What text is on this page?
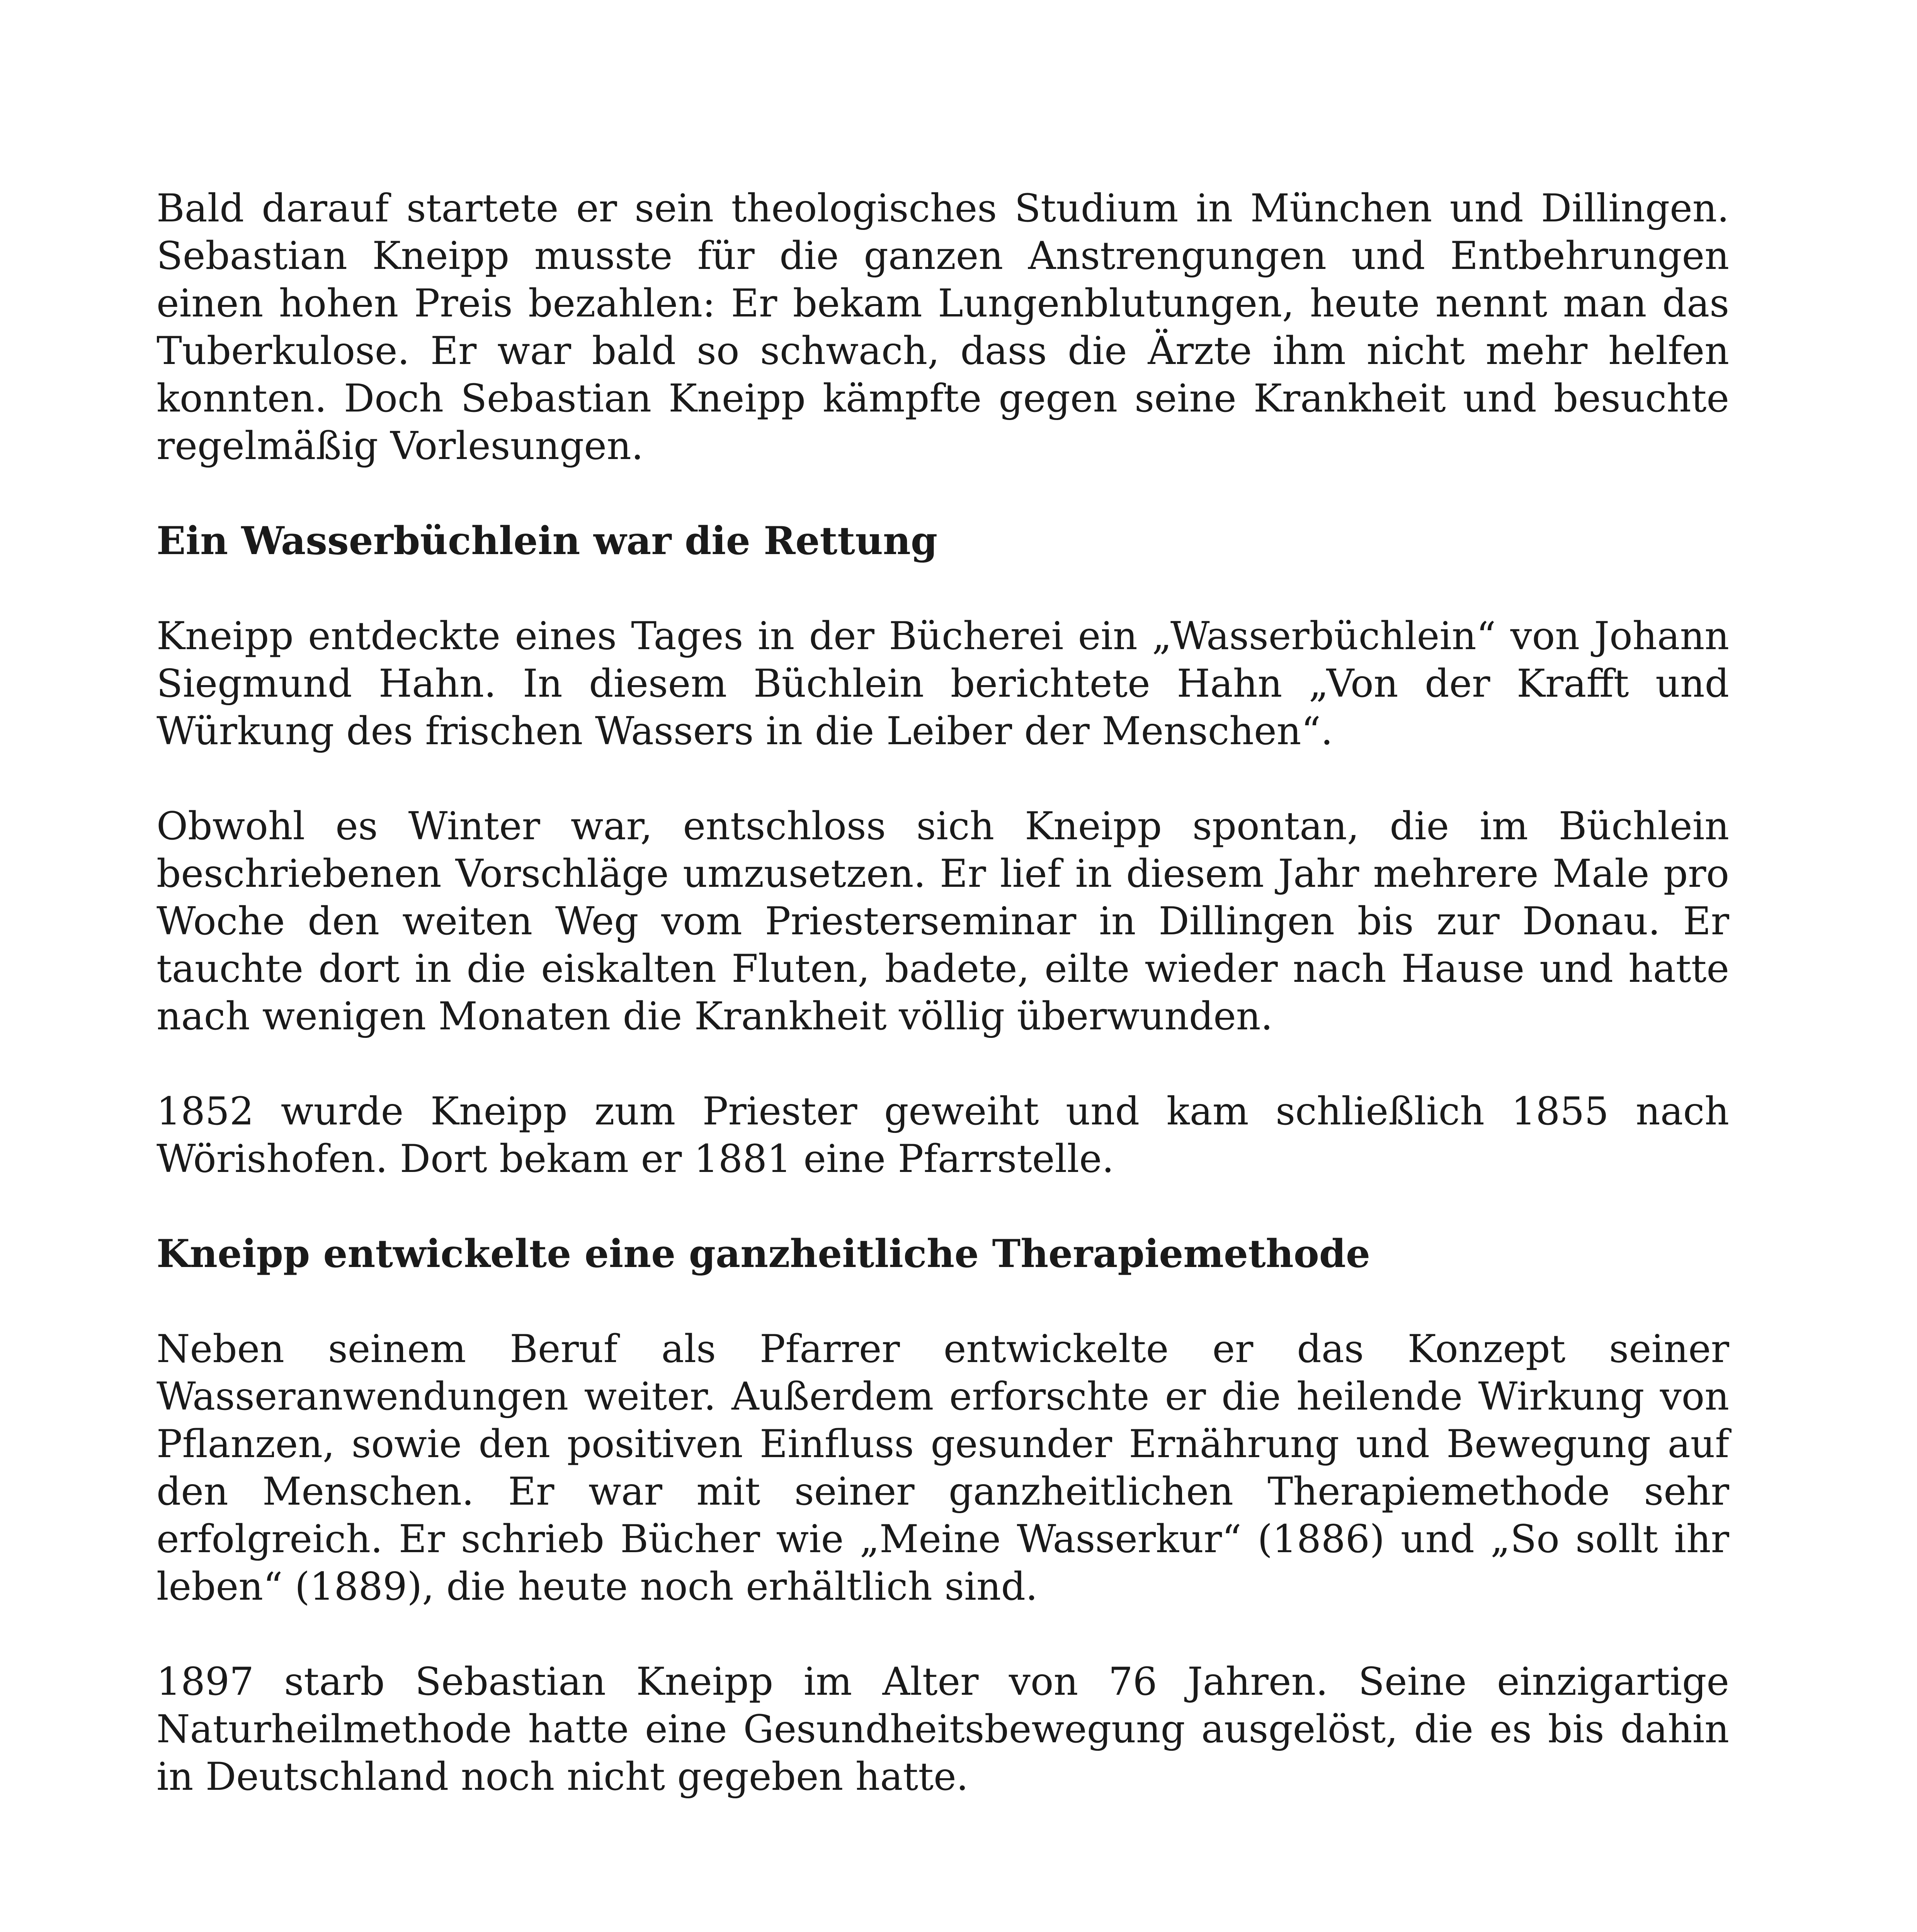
Bald darauf startete er sein theologisches Studium in München und Dillingen. Sebastian Kneipp musste für die ganzen Anstrengungen und Entbehrungen einen hohen Preis bezahlen: Er bekam Lungenblutungen, heute nennt man das Tuberkulose. Er war bald so schwach, dass die Ärzte ihm nicht mehr helfen konnten. Doch Sebastian Kneipp kämpfte gegen seine Krankheit und besuchte regelmäßig Vorlesungen.

Ein Wasserbüchlein war die Rettung

Kneipp entdeckte eines Tages in der Bücherei ein „Wasserbüchlein“ von Johann Siegmund Hahn. In diesem Büchlein berichtete Hahn „Von der Krafft und Würkung des frischen Wassers in die Leiber der Menschen“.

Obwohl es Winter war, entschloss sich Kneipp spontan, die im Büchlein beschriebenen Vorschläge umzusetzen. Er lief in diesem Jahr mehrere Male pro Woche den weiten Weg vom Priesterseminar in Dillingen bis zur Donau. Er tauchte dort in die eiskalten Fluten, badete, eilte wieder nach Hause und hatte nach wenigen Monaten die Krankheit völlig überwunden.

1852 wurde Kneipp zum Priester geweiht und kam schließlich 1855 nach Wörishofen. Dort bekam er 1881 eine Pfarrstelle.

Kneipp entwickelte eine ganzheitliche Therapiemethode

Neben seinem Beruf als Pfarrer entwickelte er das Konzept seiner Wasseranwendungen weiter. Außerdem erforschte er die heilende Wirkung von Pflanzen, sowie den positiven Einfluss gesunder Ernährung und Bewegung auf den Menschen. Er war mit seiner ganzheitlichen Therapiemethode sehr erfolgreich. Er schrieb Bücher wie „Meine Wasserkur“ (1886) und „So sollt ihr leben“ (1889), die heute noch erhältlich sind.

1897 starb Sebastian Kneipp im Alter von 76 Jahren. Seine einzigartige Naturheilmethode hatte eine Gesundheitsbewegung ausgelöst, die es bis dahin in Deutschland noch nicht gegeben hatte.
